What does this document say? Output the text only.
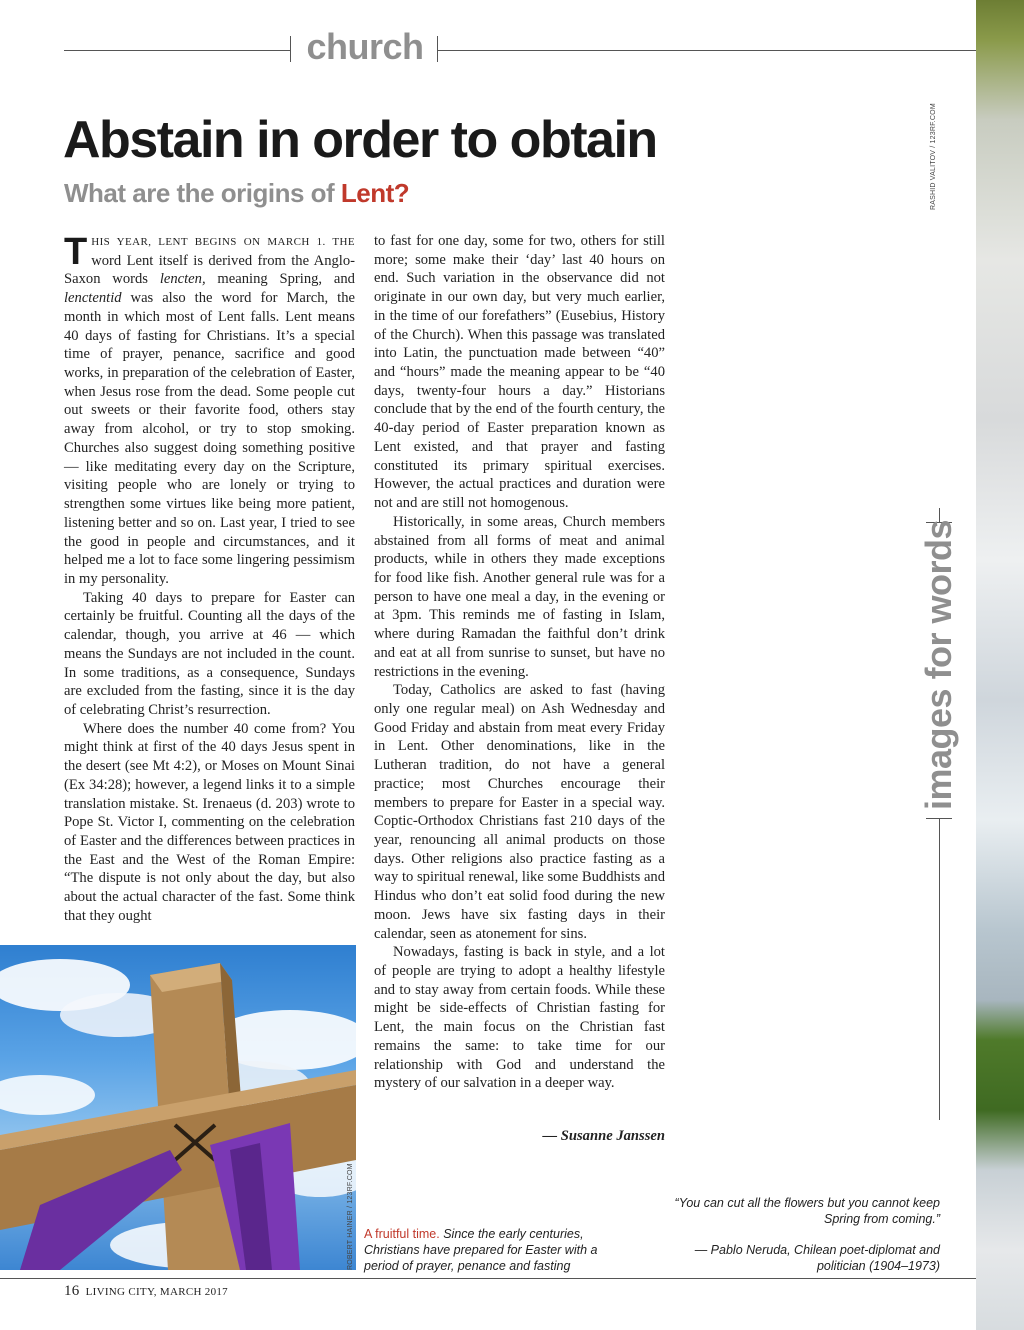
church
Abstain in order to obtain
What are the origins of Lent?	RASHID VALITOV / 123RF.COM

THIS YEAR, LENT BEGINS ON MARCH 1. THE word Lent itself is derived from the Anglo-Saxon words lencten, meaning Spring, and lenctentid was also the word for March, the month in which most of Lent falls. Lent means 40 days of fasting for Christians. It’s a special time of prayer, penance, sacrifice and good works, in preparation of the celebration of Easter, when Jesus rose from the dead. Some people cut out sweets or their favorite food, others stay away from alcohol, or try to stop smoking. Churches also suggest doing something positive — like meditating every day on the Scripture, visiting people who are lonely or trying to strengthen some virtues like being more patient, listening better and so on. Last year, I tried to see the good in people and circumstances, and it helped me a lot to face some lingering pessimism in my personality.

Taking 40 days to prepare for Easter can certainly be fruitful. Counting all the days of the calendar, though, you arrive at 46 — which means the Sundays are not included in the count. In some traditions, as a consequence, Sundays are excluded from the fasting, since it is the day of celebrating Christ’s resurrection.

Where does the number 40 come from? You might think at first of the 40 days Jesus spent in the desert (see Mt 4:2), or Moses on Mount Sinai (Ex 34:28); however, a legend links it to a simple translation mistake. St. Irenaeus (d. 203) wrote to Pope St. Victor I, commenting on the celebration of Easter and the differences between practices in the East and the West of the Roman Empire: “The dispute is not only about the day, but also about the actual character of the fast. Some think that they ought

to fast for one day, some for two, others for still more; some make their ‘day’ last 40 hours on end. Such variation in the observance did not originate in our own day, but very much earlier, in the time of our forefathers” (Eusebius, History of the Church). When this passage was translated into Latin, the punctuation made between “40” and “hours” made the meaning appear to be “40 days, twenty-four hours a day.” Historians conclude that by the end of the fourth century, the 40-day period of Easter preparation known as Lent existed, and that prayer and fasting constituted its primary spiritual exercises. However, the actual practices and duration were not and are still not homogenous.

Historically, in some areas, Church members abstained from all forms of meat and animal products, while in others they made exceptions for food like fish. Another general rule was for a person to have one meal a day, in the evening or at 3pm. This reminds me of fasting in Islam, where during Ramadan the faithful don’t drink and eat at all from sunrise to sunset, but have no restrictions in the evening.

Today, Catholics are asked to fast (having only one regular meal) on Ash Wednesday and Good Friday and abstain from meat every Friday in Lent. Other denominations, like in the Lutheran tradition, do not have a general practice; most Churches encourage their members to prepare for Easter in a special way. Coptic-Orthodox Christians fast 210 days of the year, renouncing all animal products on those days. Other religions also practice fasting as a way to spiritual renewal, like some Buddhists and Hindus who don’t eat solid food during the new moon. Jews have six fasting days in their calendar, seen as atonement for sins.

Nowadays, fasting is back in style, and a lot of people are trying to adopt a healthy lifestyle and to stay away from certain foods. While these might be side-effects of Christian fasting for Lent, the main focus on the Christian fast remains the same: to take time for our relationship with God and understand the mystery of our salvation in a deeper way.

— Susanne Janssen
images for words
ROBERT HAINER / 123RF.COM A fruitful time. Since the early centuries, Christians have prepared for Easter with a period of prayer, penance and fasting
“You can cut all the flowers but you cannot keep Spring from coming.”
— Pablo Neruda, Chilean poet-diplomat and politician (1904–1973)
16 LIVING CITY, MARCH 2017
